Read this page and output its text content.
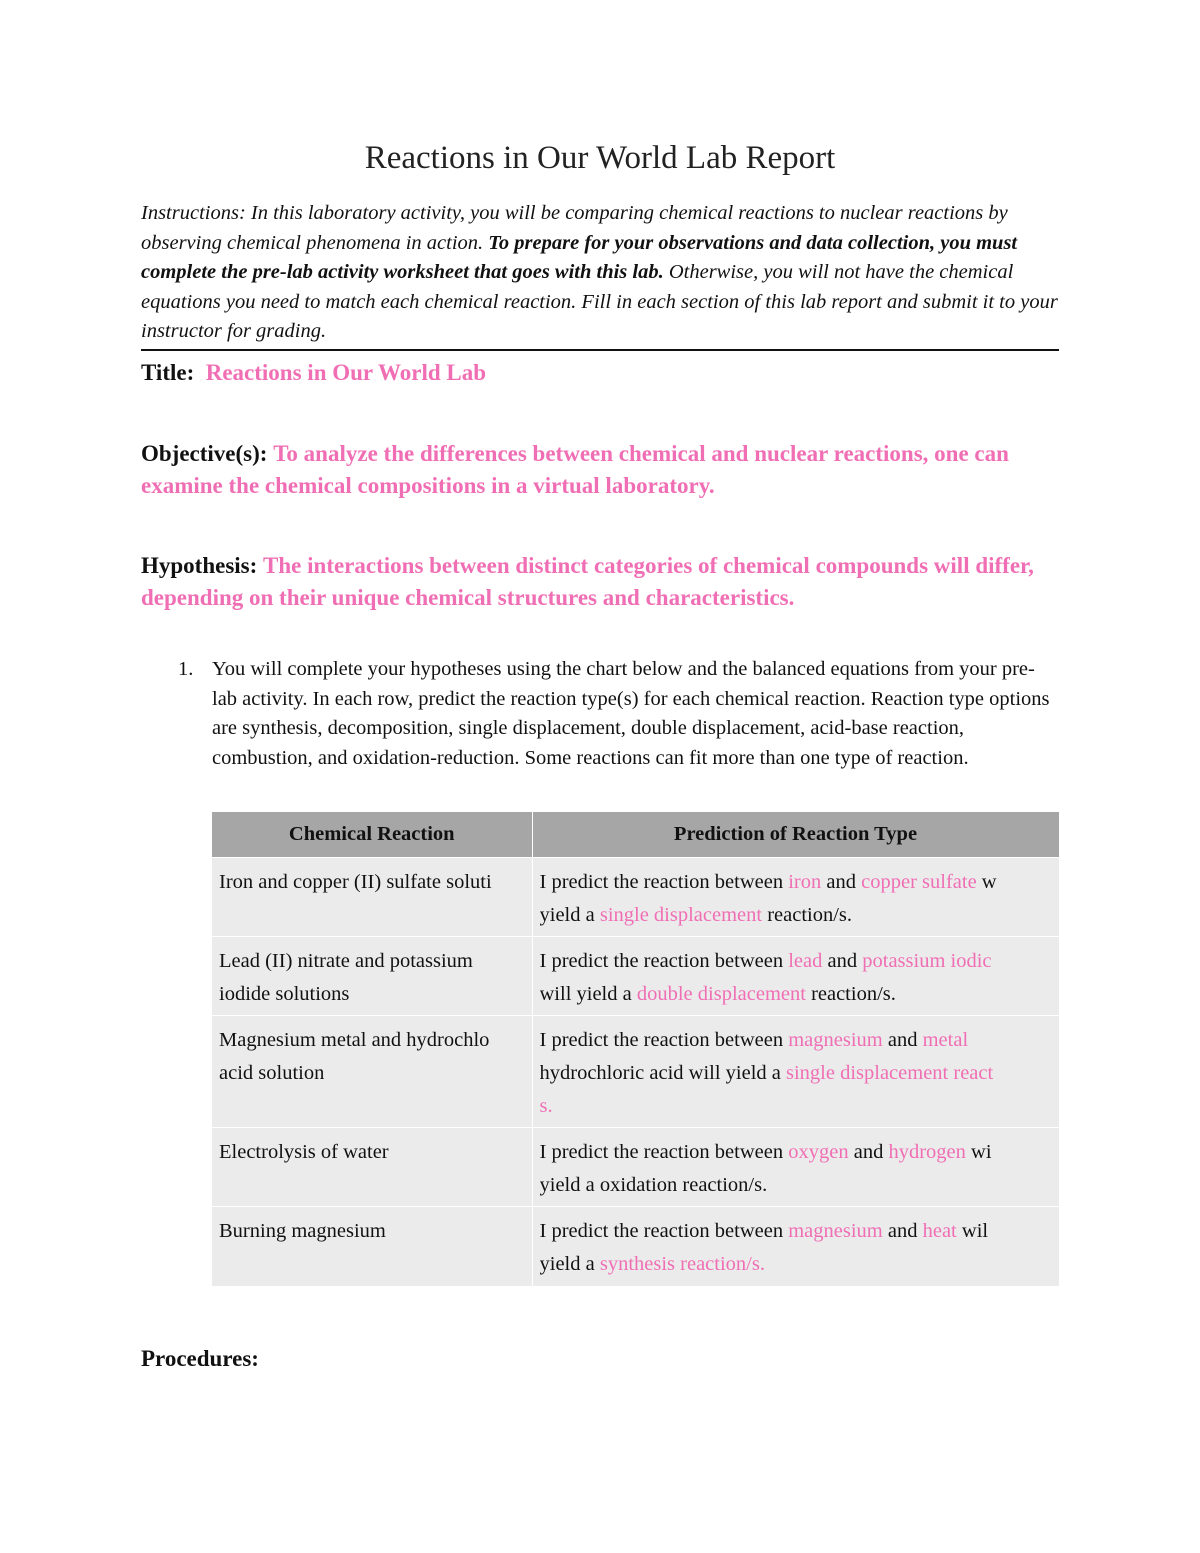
Reactions in Our World Lab Report
Instructions: In this laboratory activity, you will be comparing chemical reactions to nuclear reactions by observing chemical phenomena in action. To prepare for your observations and data collection, you must complete the pre-lab activity worksheet that goes with this lab. Otherwise, you will not have the chemical equations you need to match each chemical reaction. Fill in each section of this lab report and submit it to your instructor for grading.
Title: Reactions in Our World Lab
Objective(s): To analyze the differences between chemical and nuclear reactions, one can examine the chemical compositions in a virtual laboratory.
Hypothesis: The interactions between distinct categories of chemical compounds will differ, depending on their unique chemical structures and characteristics.
1. You will complete your hypotheses using the chart below and the balanced equations from your pre-lab activity. In each row, predict the reaction type(s) for each chemical reaction. Reaction type options are synthesis, decomposition, single displacement, double displacement, acid-base reaction, combustion, and oxidation-reduction. Some reactions can fit more than one type of reaction.
Chemical Reaction	Prediction of Reaction Type

Iron and copper (II) sulfate soluti	I predict the reaction between iron and copper sulfate w
yield a single displacement reaction/s.

Lead (II) nitrate and potassium
iodide solutions	I predict the reaction between lead and potassium iodic
will yield a double displacement reaction/s.

Magnesium metal and hydrochlo
acid solution	I predict the reaction between magnesium and metal
hydrochloric acid will yield a single displacement react
s.

Electrolysis of water	I predict the reaction between oxygen and hydrogen wi
yield a oxidation reaction/s.

Burning magnesium	I predict the reaction between magnesium and heat wil
yield a synthesis reaction/s.
Procedures:
